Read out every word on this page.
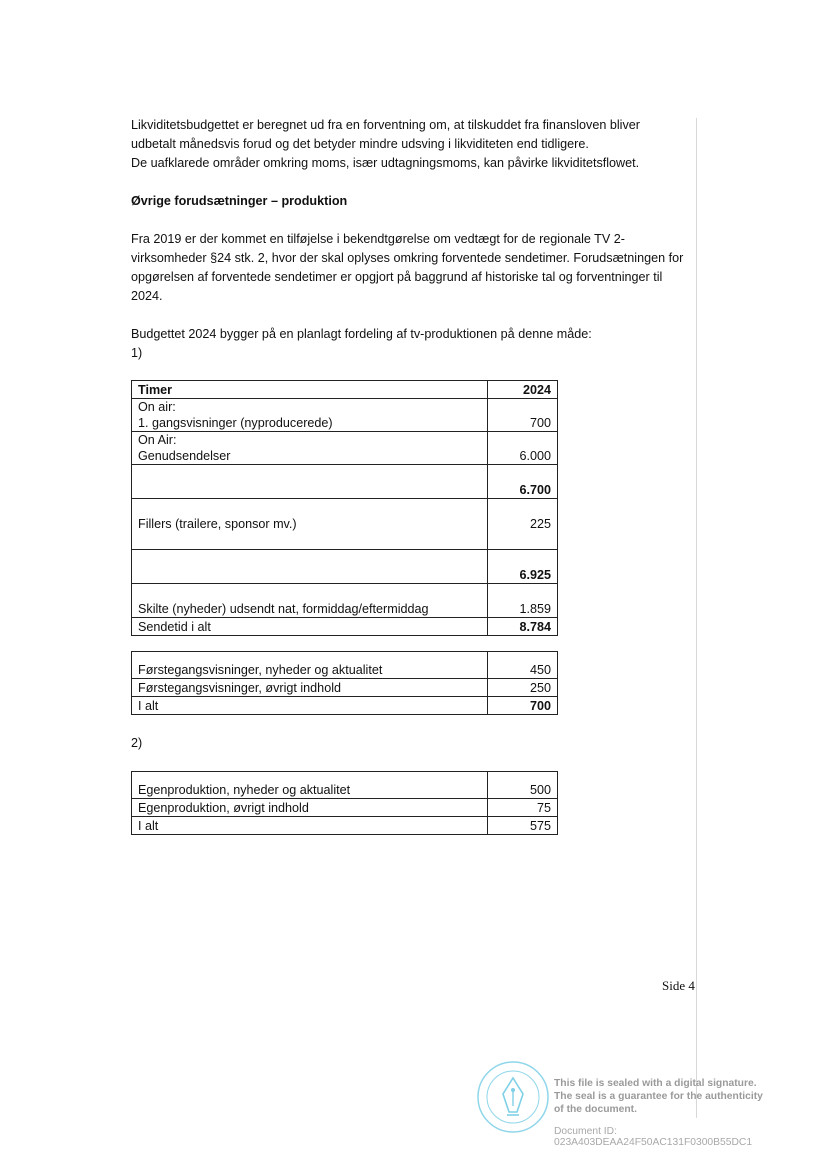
Likviditetsbudgettet er beregnet ud fra en forventning om, at tilskuddet fra finansloven bliver

udbetalt månedsvis forud og det betyder mindre udsving i likviditeten end tidligere.

De uafklarede områder omkring moms, især udtagningsmoms, kan påvirke likviditetsflowet.

Øvrige forudsætninger – produktion

Fra 2019 er der kommet en tilføjelse i bekendtgørelse om vedtægt for de regionale TV 2-

virksomheder §24 stk. 2, hvor der skal oplyses omkring forventede sendetimer. Forudsætningen for

opgørelsen af forventede sendetimer er opgjort på baggrund af historiske tal og forventninger til

2024.

Budgettet 2024 bygger på en planlagt fordeling af tv-produktionen på denne måde:

1)

Timer	2024

On air:
1. gangsvisninger (nyproducerede)	700

On Air:
Genudsendelser	6.000
	6.700
Fillers (trailere, sponsor mv.)	225
	6.925
Skilte (nyheder) udsendt nat, formiddag/eftermiddag	1.859
Sendetid i alt	8.784
Førstegangsvisninger, nyheder og aktualitet	450
Førstegangsvisninger, øvrigt indhold	250
I alt	700

2)

Egenproduktion, nyheder og aktualitet	500
Egenproduktion, øvrigt indhold	75
I alt	575
Side 4
This file is sealed with a digital signature.
The seal is a guarantee for the authenticity
of the document.
Document ID:
023A403DEAA24F50AC131F0300B55DC1
